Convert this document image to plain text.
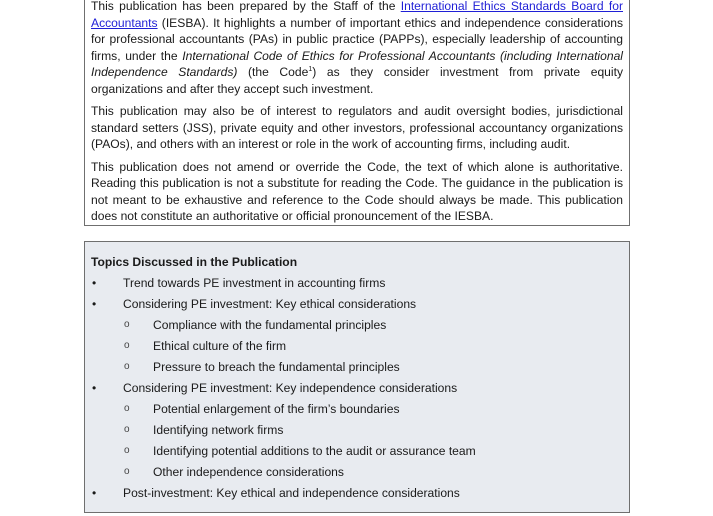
This publication has been prepared by the Staff of the International Ethics Standards Board for Accountants (IESBA). It highlights a number of important ethics and independence considerations for professional accountants (PAs) in public practice (PAPPs), especially leadership of accounting firms, under the International Code of Ethics for Professional Accountants (including International Independence Standards) (the Code$^1$) as they consider investment from private equity organizations and after they accept such investment.

This publication may also be of interest to regulators and audit oversight bodies, jurisdictional standard setters (JSS), private equity and other investors, professional accountancy organizations (PAOs), and others with an interest or role in the work of accounting firms, including audit.

This publication does not amend or override the Code, the text of which alone is authoritative. Reading this publication is not a substitute for reading the Code. The guidance in the publication is not meant to be exhaustive and reference to the Code should always be made. This publication does not constitute an authoritative or official pronouncement of the IESBA.

Topics Discussed in the Publication
• Trend towards PE investment in accounting firms
• Considering PE investment: Key ethical considerations
o Compliance with the fundamental principles
o Ethical culture of the firm
o Pressure to breach the fundamental principles
• Considering PE investment: Key independence considerations
o Potential enlargement of the firm’s boundaries
o Identifying network firms
o Identifying potential additions to the audit or assurance team
o Other independence considerations
• Post-investment: Key ethical and independence considerations
